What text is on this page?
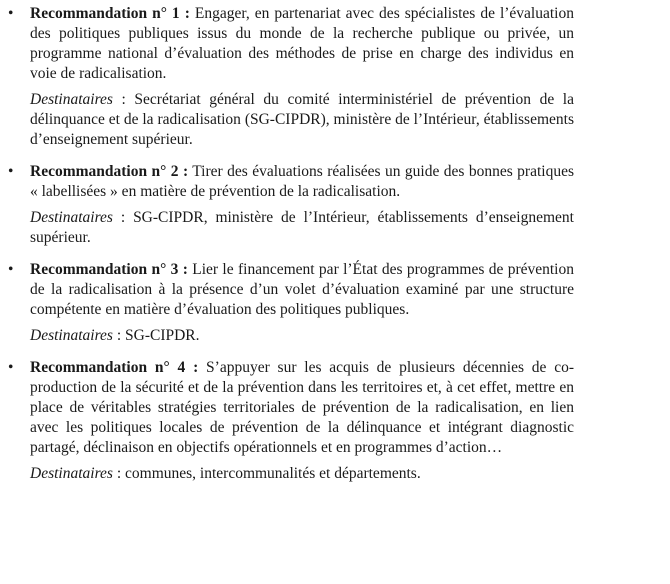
• Recommandation n° 1 : Engager, en partenariat avec des spécialistes de l’évaluation des politiques publiques issus du monde de la recherche publique ou privée, un programme national d’évaluation des méthodes de prise en charge des individus en voie de radicalisation.
Destinataires : Secrétariat général du comité interministériel de prévention de la délinquance et de la radicalisation (SG-CIPDR), ministère de l’Intérieur, établissements d’enseignement supérieur.
• Recommandation n° 2 : Tirer des évaluations réalisées un guide des bonnes pratiques « labellisées » en matière de prévention de la radicalisation.
Destinataires : SG-CIPDR, ministère de l’Intérieur, établissements d’enseignement supérieur.
• Recommandation n° 3 : Lier le financement par l’État des programmes de prévention de la radicalisation à la présence d’un volet d’évaluation examiné par une structure compétente en matière d’évaluation des politiques publiques.
Destinataires : SG-CIPDR.
• Recommandation n° 4 : S’appuyer sur les acquis de plusieurs décennies de co-production de la sécurité et de la prévention dans les territoires et, à cet effet, mettre en place de véritables stratégies territoriales de prévention de la radicalisation, en lien avec les politiques locales de prévention de la délinquance et intégrant diagnostic partagé, déclinaison en objectifs opérationnels et en programmes d’action…
Destinataires : communes, intercommunalités et départements.
